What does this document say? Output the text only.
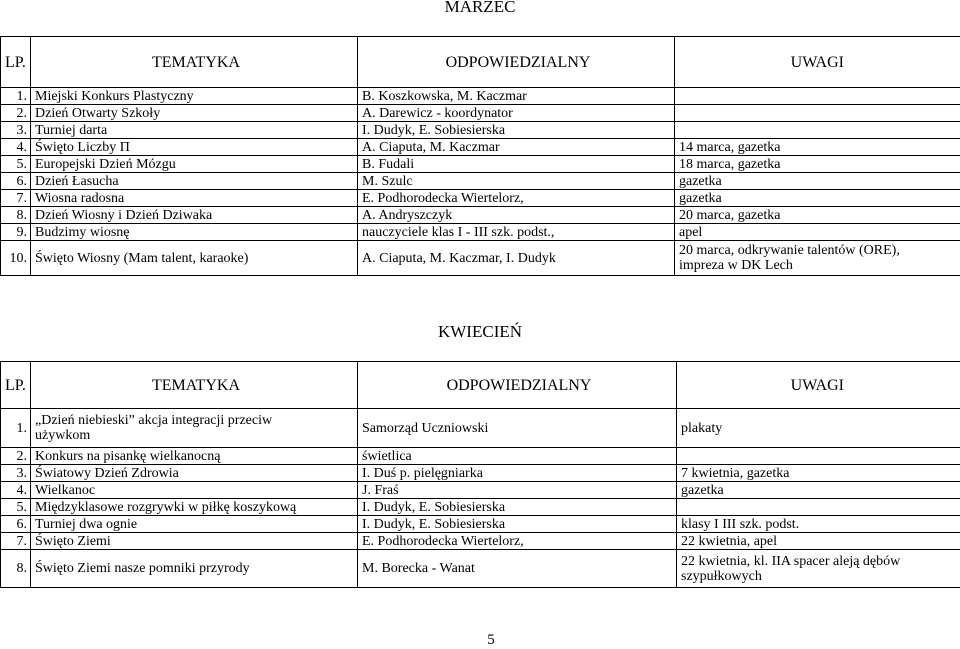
MARZEC
LP.	TEMATYKA	ODPOWIEDZIALNY	UWAGI
1.	Miejski Konkurs Plastyczny	B. Koszkowska, M. Kaczmar	
2.	Dzień Otwarty Szkoły	A. Darewicz - koordynator	
3.	Turniej darta	I. Dudyk, E. Sobiesierska	
4.	Święto Liczby Π	A. Ciaputa, M. Kaczmar	14 marca, gazetka
5.	Europejski Dzień Mózgu	B. Fudali	18 marca, gazetka
6.	Dzień Łasucha	M. Szulc	gazetka
7.	Wiosna radosna	E. Podhorodecka Wiertelorz,	gazetka
8.	Dzień Wiosny i Dzień Dziwaka	A. Andryszczyk	20 marca, gazetka
9.	Budzimy wiosnę	nauczyciele klas I - III szk. podst.,	apel
10.	Święto Wiosny (Mam talent, karaoke)	A. Ciaputa, M. Kaczmar, I. Dudyk	20 marca, odkrywanie talentów (ORE), impreza w DK Lech
KWIECIEŃ
LP.	TEMATYKA	ODPOWIEDZIALNY	UWAGI
1.	„Dzień niebieski” akcja integracji przeciw używkom	Samorząd Uczniowski	plakaty
2.	Konkurs na pisankę wielkanocną	świetlica	
3.	Światowy Dzień Zdrowia	I. Duś p. pielęgniarka	7 kwietnia, gazetka
4.	Wielkanoc	J. Fraś	gazetka
5.	Międzyklasowe rozgrywki w piłkę koszykową	I. Dudyk, E. Sobiesierska	
6.	Turniej dwa ognie	I. Dudyk, E. Sobiesierska	klasy I III szk. podst.
7.	Święto Ziemi	E. Podhorodecka Wiertelorz,	22 kwietnia, apel
8.	Święto Ziemi nasze pomniki przyrody	M. Borecka - Wanat	22 kwietnia, kl. IIA spacer aleją dębów szypułkowych
5
